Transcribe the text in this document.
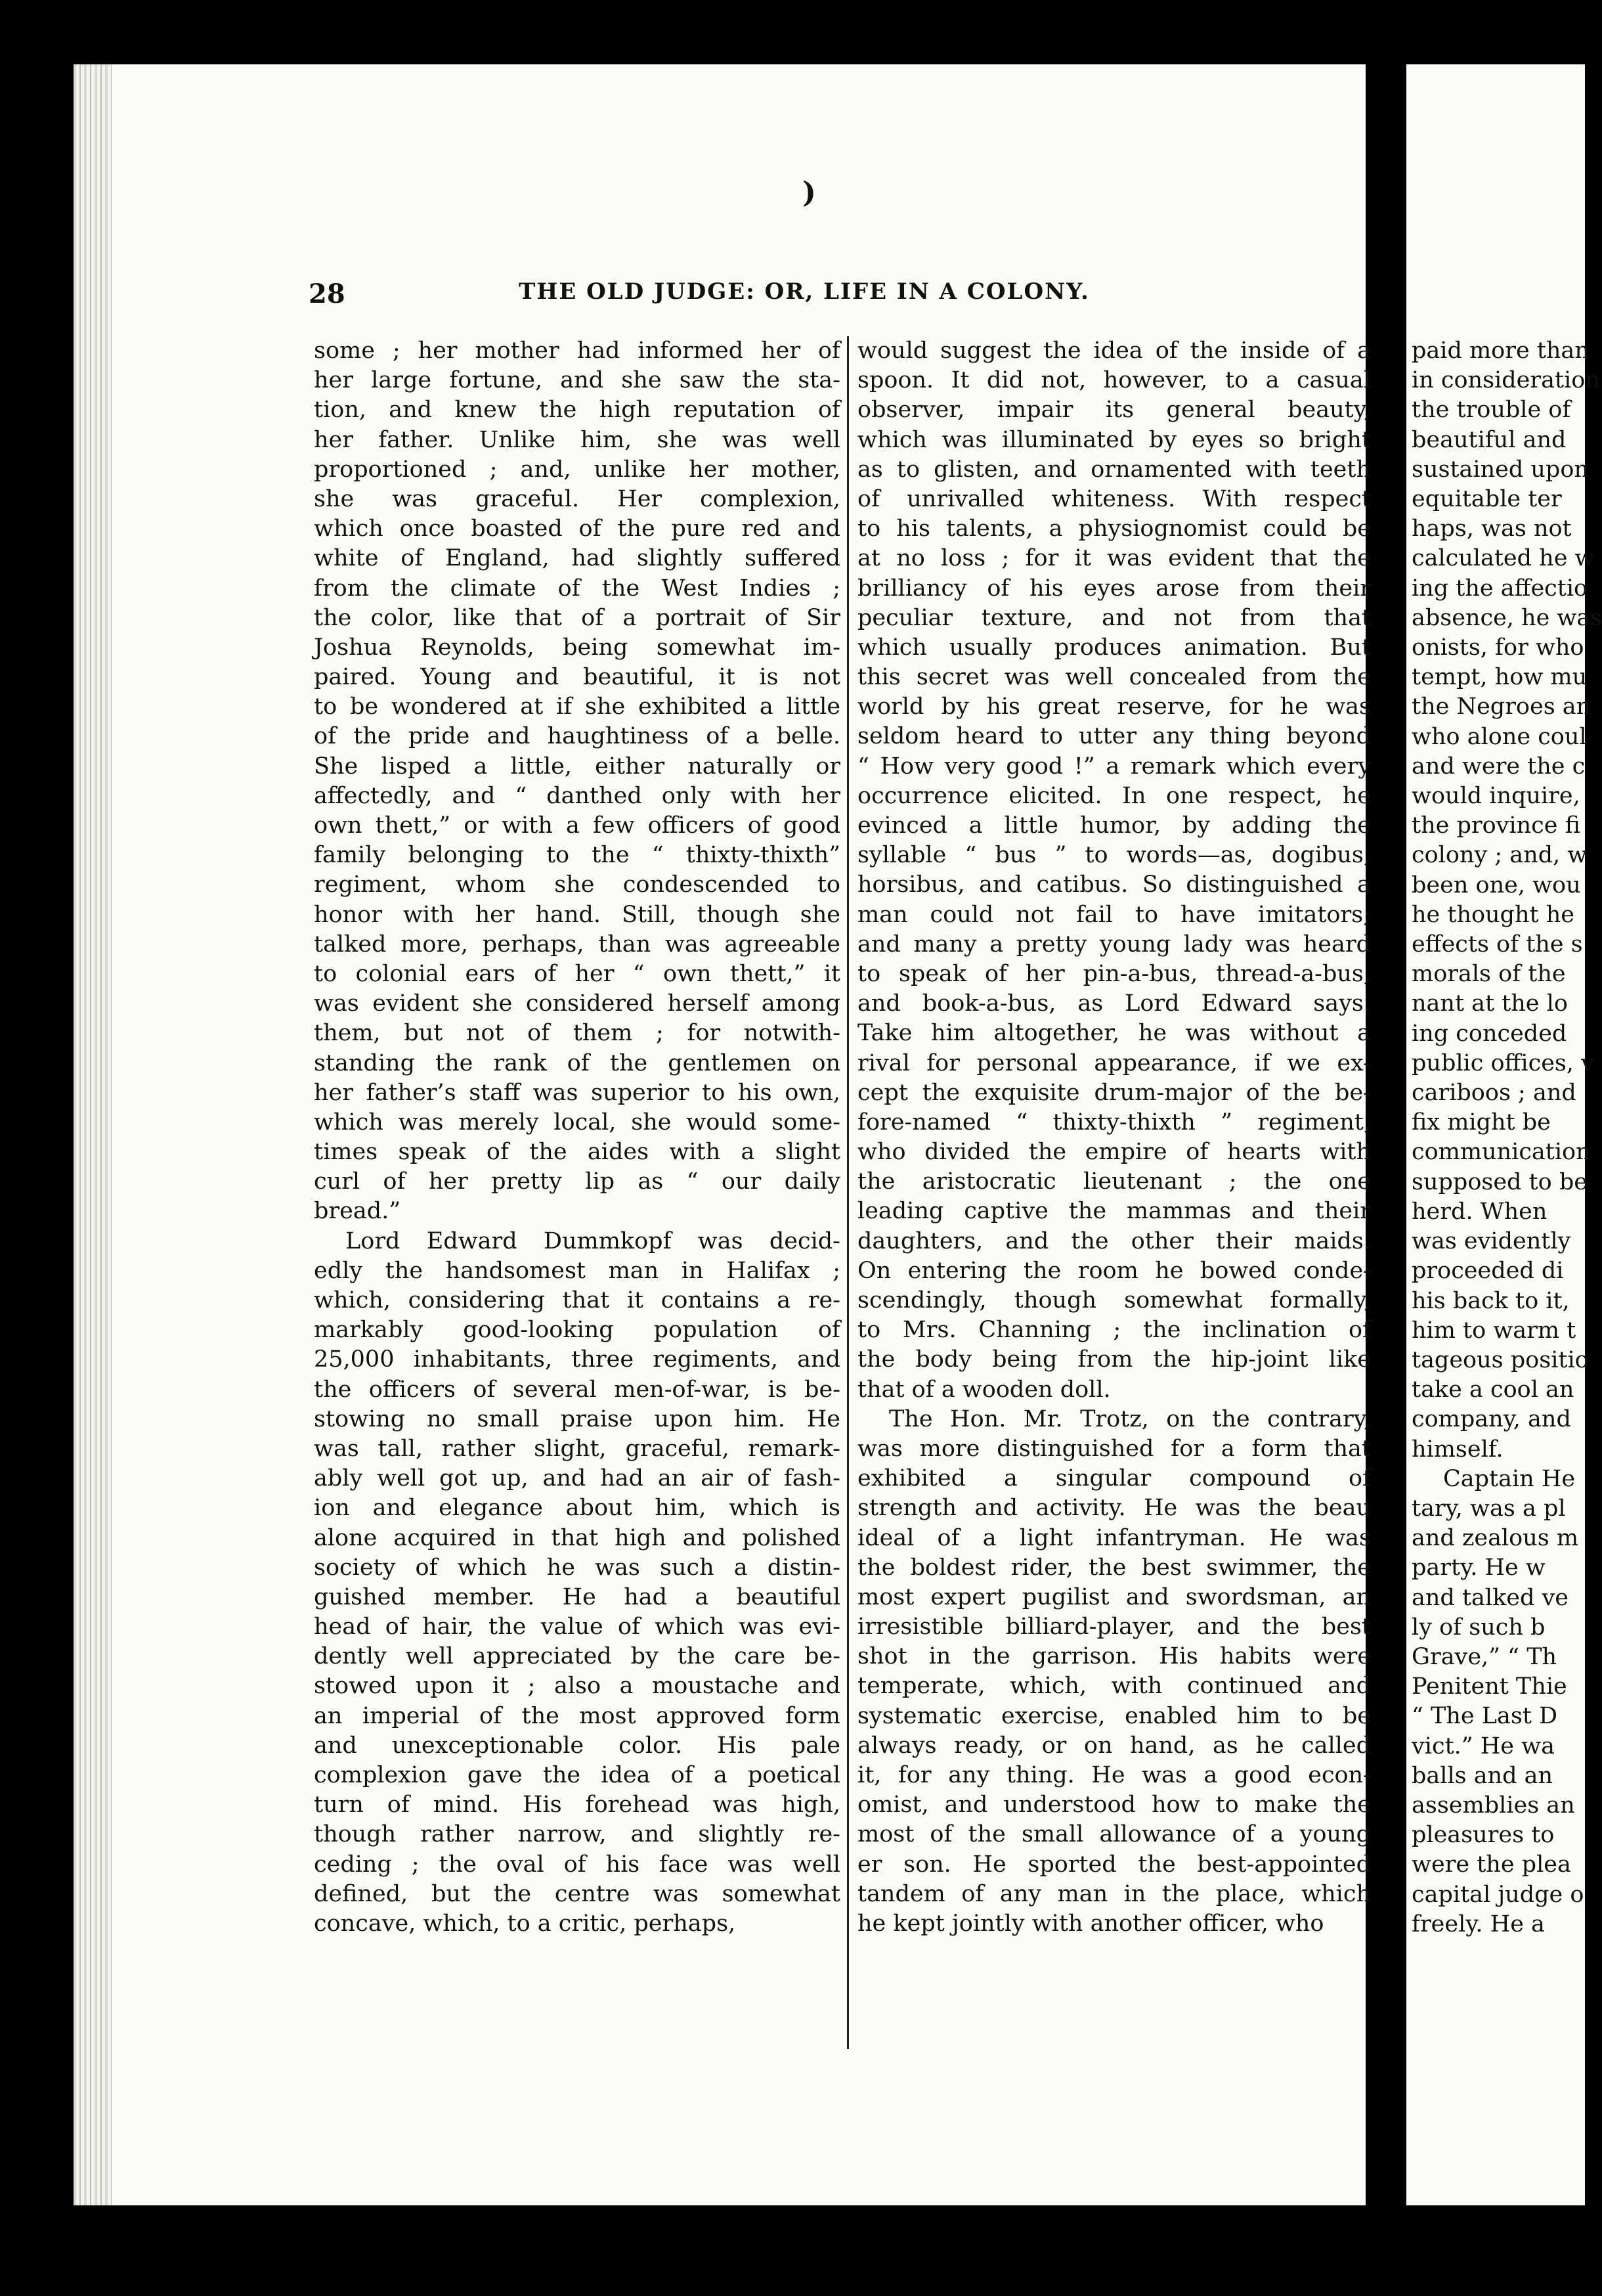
)
28	THE OLD JUDGE: OR, LIFE IN A COLONY.
some ; her mother had informed her of
her large fortune, and she saw the sta-
tion, and knew the high reputation of
her father. Unlike him, she was well
proportioned ; and, unlike her mother,
she was graceful. Her complexion,
which once boasted of the pure red and
white of England, had slightly suffered
from the climate of the West Indies ;
the color, like that of a portrait of Sir
Joshua Reynolds, being somewhat im-
paired. Young and beautiful, it is not
to be wondered at if she exhibited a little
of the pride and haughtiness of a belle.
She lisped a little, either naturally or
affectedly, and “ danthed only with her
own thett,” or with a few officers of good
family belonging to the “ thixty-thixth”
regiment, whom she condescended to
honor with her hand. Still, though she
talked more, perhaps, than was agreeable
to colonial ears of her “ own thett,” it
was evident she considered herself among
them, but not of them ; for notwith-
standing the rank of the gentlemen on
her father’s staff was superior to his own,
which was merely local, she would some-
times speak of the aides with a slight
curl of her pretty lip as “ our daily
bread.”
Lord Edward Dummkopf was decid-
edly the handsomest man in Halifax ;
which, considering that it contains a re-
markably good-looking population of
25,000 inhabitants, three regiments, and
the officers of several men-of-war, is be-
stowing no small praise upon him. He
was tall, rather slight, graceful, remark-
ably well got up, and had an air of fash-
ion and elegance about him, which is
alone acquired in that high and polished
society of which he was such a distin-
guished member. He had a beautiful
head of hair, the value of which was evi-
dently well appreciated by the care be-
stowed upon it ; also a moustache and
an imperial of the most approved form
and unexceptionable color. His pale
complexion gave the idea of a poetical
turn of mind. His forehead was high,
though rather narrow, and slightly re-
ceding ; the oval of his face was well
defined, but the centre was somewhat
concave, which, to a critic, perhaps,
would suggest the idea of the inside of a
spoon. It did not, however, to a casual
observer, impair its general beauty,
which was illuminated by eyes so bright
as to glisten, and ornamented with teeth
of unrivalled whiteness. With respect
to his talents, a physiognomist could be
at no loss ; for it was evident that the
brilliancy of his eyes arose from their
peculiar texture, and not from that
which usually produces animation. But
this secret was well concealed from the
world by his great reserve, for he was
seldom heard to utter any thing beyond
“ How very good !” a remark which every
occurrence elicited. In one respect, he
evinced a little humor, by adding the
syllable “ bus ” to words—as, dogibus,
horsibus, and catibus. So distinguished a
man could not fail to have imitators;
and many a pretty young lady was heard
to speak of her pin-a-bus, thread-a-bus,
and book-a-bus, as Lord Edward says.
Take him altogether, he was without a
rival for personal appearance, if we ex-
cept the exquisite drum-major of the be-
fore-named “ thixty-thixth ” regiment,
who divided the empire of hearts with
the aristocratic lieutenant ; the one
leading captive the mammas and their
daughters, and the other their maids.
On entering the room he bowed conde-
scendingly, though somewhat formally,
to Mrs. Channing ; the inclination of
the body being from the hip-joint like
that of a wooden doll.
The Hon. Mr. Trotz, on the contrary,
was more distinguished for a form that
exhibited a singular compound of
strength and activity. He was the beau
ideal of a light infantryman. He was
the boldest rider, the best swimmer, the
most expert pugilist and swordsman, an
irresistible billiard-player, and the best
shot in the garrison. His habits were
temperate, which, with continued and
systematic exercise, enabled him to be
always ready, or on hand, as he called
it, for any thing. He was a good econ-
omist, and understood how to make the
most of the small allowance of a young
er son. He sported the best-appointed
tandem of any man in the place, which
he kept jointly with another officer, who
paid more than
in consideration
the trouble of
beautiful and
sustained upon
equitable ter
haps, was not
calculated he w
ing the affectio
absence, he was
onists, for who
tempt, how mu
the Negroes an
who alone coul
and were the c
would inquire,
the province fi
colony ; and, w
been one, wou
he thought he
effects of the s
morals of the
nant at the lo
ing conceded
public offices, v
cariboos ; and
fix might be
communication
supposed to be
herd. When
was evidently
proceeded di
his back to it,
him to warm t
tageous positio
take a cool an
company, and
himself.
Captain He
tary, was a pl
and zealous m
party. He w
and talked ve
ly of such b
Grave,” “ Th
Penitent Thie
“ The Last D
vict.” He wa
balls and an
assemblies an
pleasures to
were the plea
capital judge o
freely. He a
